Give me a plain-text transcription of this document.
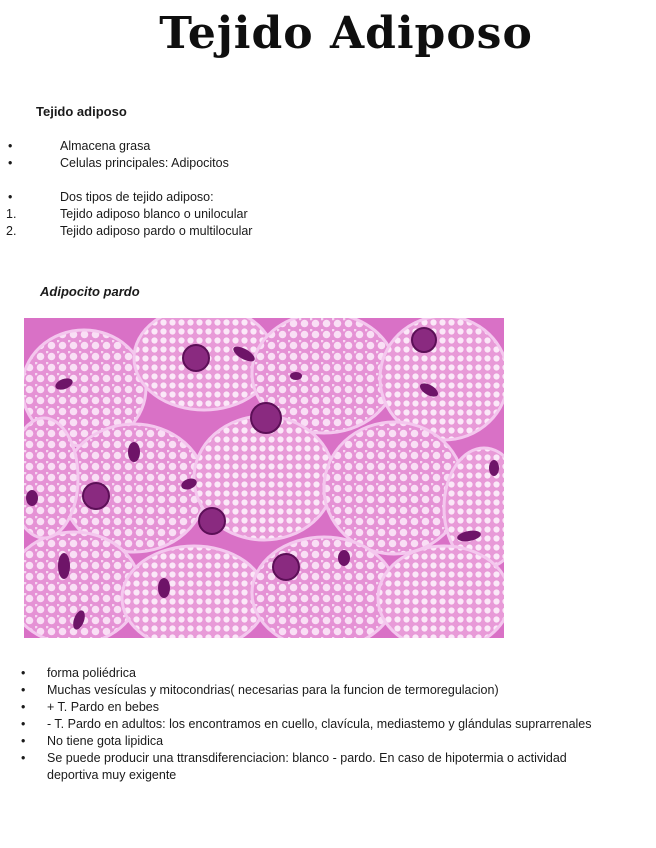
Tejido Adiposo
Tejido adiposo
•	Almacena grasa
•	Celulas principales: Adipocitos
•	Dos tipos de tejido adiposo:
1.	Tejido adiposo blanco o unilocular
2.	Tejido adiposo pardo o multilocular
Adipocito pardo
• forma poliédrica
• Muchas vesículas y mitocondrias( necesarias para la funcion de termoregulacion)
• + T. Pardo en bebes
• - T. Pardo en adultos: los encontramos en cuello, clavícula, mediastemo y glándulas suprarrenales
• No tiene gota lipidica
• Se puede producir una ttransdiferenciacion: blanco - pardo. En caso de hipotermia o actividad deportiva muy exigente
